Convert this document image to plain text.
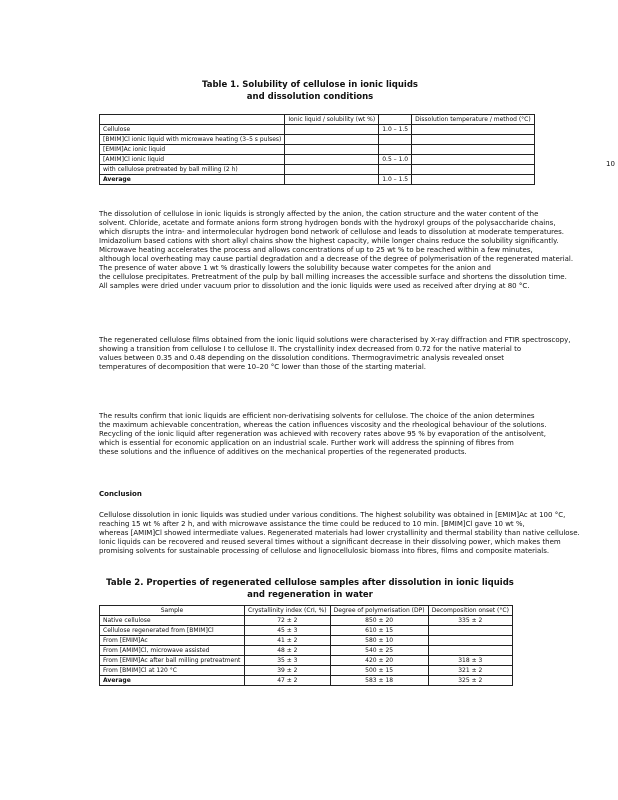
Table 1. Solubility of cellulose in ionic liquids
and dissolution conditions
	Ionic liquid / solubility (wt %)		Dissolution temperature / method (°C)
Cellulose		1.0 – 1.5	
[BMIM]Cl ionic liquid with microwave heating (3–5 s pulses)			
[EMIM]Ac ionic liquid			
[AMIM]Cl ionic liquid		0.5 – 1.0	
with cellulose pretreated by ball milling (2 h)			
Average		1.0 – 1.5	
10
The dissolution of cellulose in ionic liquids is strongly affected by the anion, the cation structure and the water content of the
solvent. Chloride, acetate and formate anions form strong hydrogen bonds with the hydroxyl groups of the polysaccharide chains,
which disrupts the intra- and intermolecular hydrogen bond network of cellulose and leads to dissolution at moderate temperatures.
Imidazolium based cations with short alkyl chains show the highest capacity, while longer chains reduce the solubility significantly.
Microwave heating accelerates the process and allows concentrations of up to 25 wt % to be reached within a few minutes,
although local overheating may cause partial degradation and a decrease of the degree of polymerisation of the regenerated material.
The presence of water above 1 wt % drastically lowers the solubility because water competes for the anion and
the cellulose precipitates. Pretreatment of the pulp by ball milling increases the accessible surface and shortens the dissolution time.
All samples were dried under vacuum prior to dissolution and the ionic liquids were used as received after drying at 80 °C.
The regenerated cellulose films obtained from the ionic liquid solutions were characterised by X-ray diffraction and FTIR spectroscopy,
showing a transition from cellulose I to cellulose II. The crystallinity index decreased from 0.72 for the native material to
values between 0.35 and 0.48 depending on the dissolution conditions. Thermogravimetric analysis revealed onset
temperatures of decomposition that were 10–20 °C lower than those of the starting material.
The results confirm that ionic liquids are efficient non-derivatising solvents for cellulose. The choice of the anion determines
the maximum achievable concentration, whereas the cation influences viscosity and the rheological behaviour of the solutions.
Recycling of the ionic liquid after regeneration was achieved with recovery rates above 95 % by evaporation of the antisolvent,
which is essential for economic application on an industrial scale. Further work will address the spinning of fibres from
these solutions and the influence of additives on the mechanical properties of the regenerated products.
Conclusion
Cellulose dissolution in ionic liquids was studied under various conditions. The highest solubility was obtained in [EMIM]Ac at 100 °C,
reaching 15 wt % after 2 h, and with microwave assistance the time could be reduced to 10 min. [BMIM]Cl gave 10 wt %,
whereas [AMIM]Cl showed intermediate values. Regenerated materials had lower crystallinity and thermal stability than native cellulose.
Ionic liquids can be recovered and reused several times without a significant decrease in their dissolving power, which makes them
promising solvents for sustainable processing of cellulose and lignocellulosic biomass into fibres, films and composite materials.
Table 2. Properties of regenerated cellulose samples after dissolution in ionic liquids
and regeneration in water
Sample	Crystallinity index (CrI, %)	Degree of polymerisation (DP)	Decomposition onset (°C)
Native cellulose	72 ± 2	850 ± 20	335 ± 2
Cellulose regenerated from [BMIM]Cl	45 ± 3	610 ± 15	
From [EMIM]Ac	41 ± 2	580 ± 10	
From [AMIM]Cl, microwave assisted	48 ± 2	540 ± 25	
From [EMIM]Ac after ball milling pretreatment	35 ± 3	420 ± 20	318 ± 3
From [BMIM]Cl at 120 °C	39 ± 2	500 ± 15	321 ± 2
Average	47 ± 2	583 ± 18	325 ± 2
